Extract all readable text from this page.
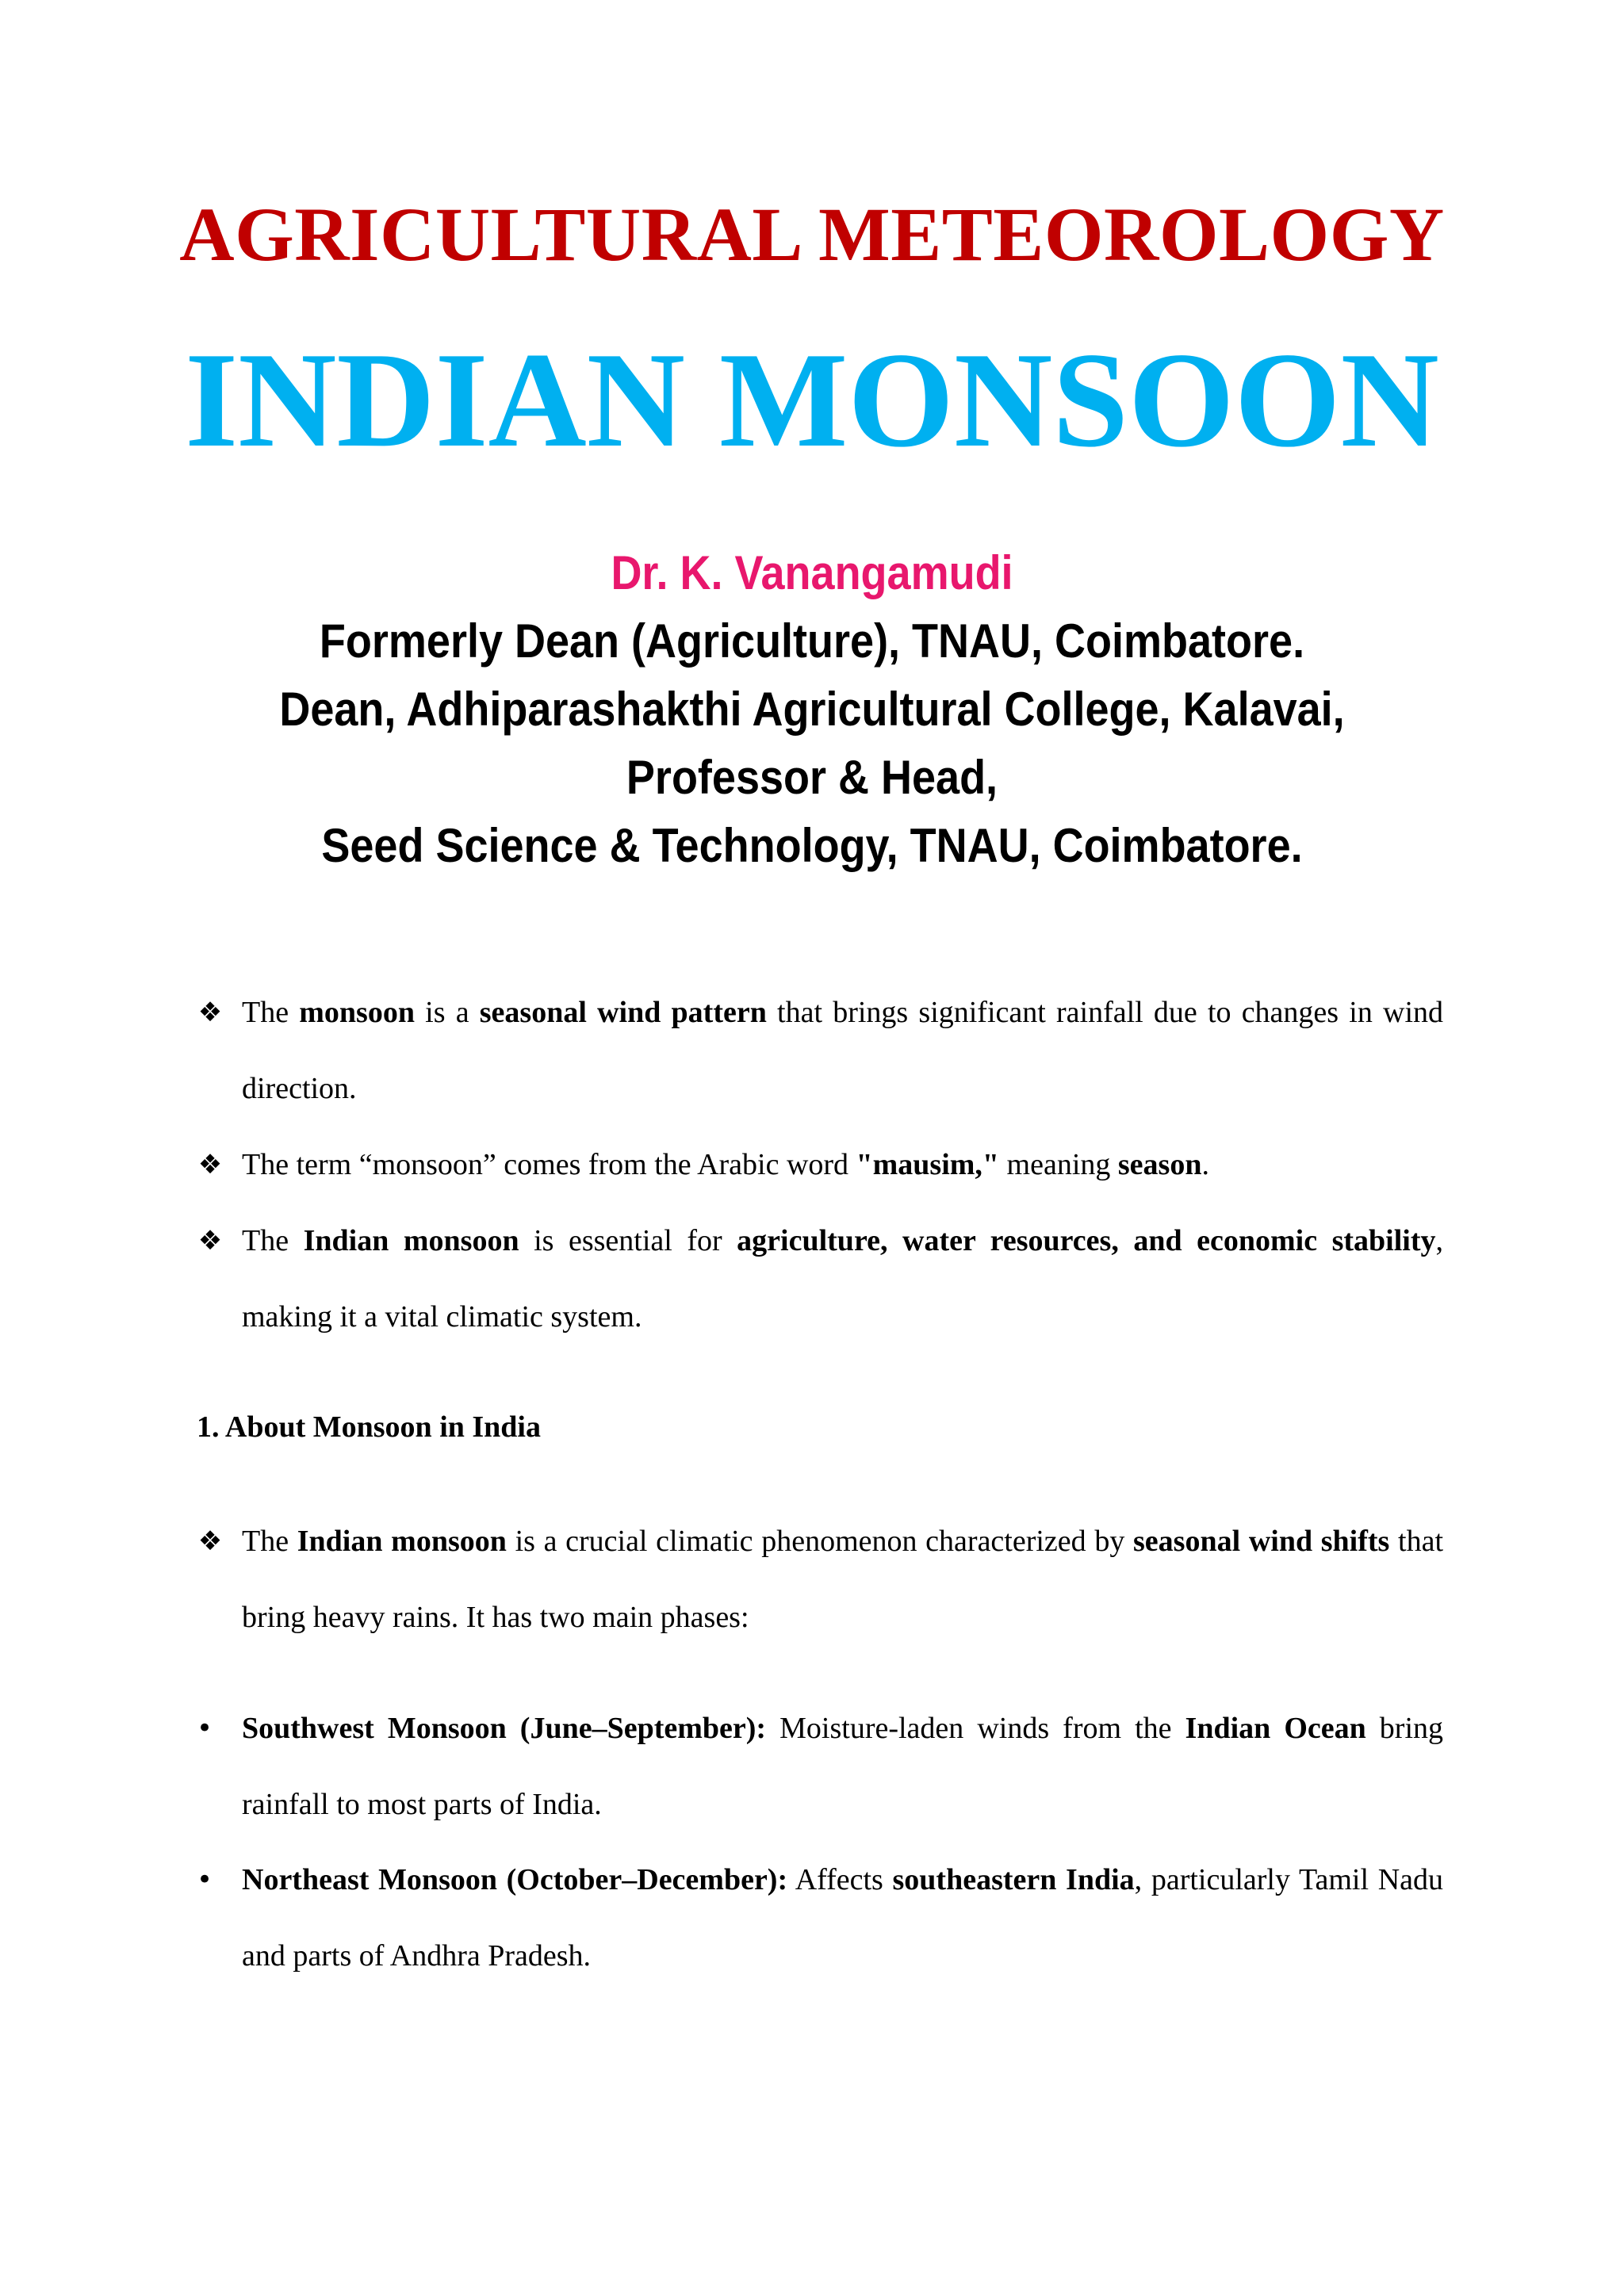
AGRICULTURAL METEOROLOGY
INDIAN MONSOON
Dr. K. Vanangamudi
Formerly Dean (Agriculture), TNAU, Coimbatore.
Dean, Adhiparashakthi Agricultural College, Kalavai,
Professor & Head,
Seed Science & Technology, TNAU, Coimbatore.
❖ The monsoon is a seasonal wind pattern that brings significant rainfall due to changes in wind direction.
❖ The term “monsoon” comes from the Arabic word "mausim," meaning season.
❖ The Indian monsoon is essential for agriculture, water resources, and economic stability, making it a vital climatic system.
1. About Monsoon in India
❖ The Indian monsoon is a crucial climatic phenomenon characterized by seasonal wind shifts that bring heavy rains. It has two main phases:
• Southwest Monsoon (June–September): Moisture-laden winds from the Indian Ocean bring rainfall to most parts of India.
• Northeast Monsoon (October–December): Affects southeastern India, particularly Tamil Nadu and parts of Andhra Pradesh.
